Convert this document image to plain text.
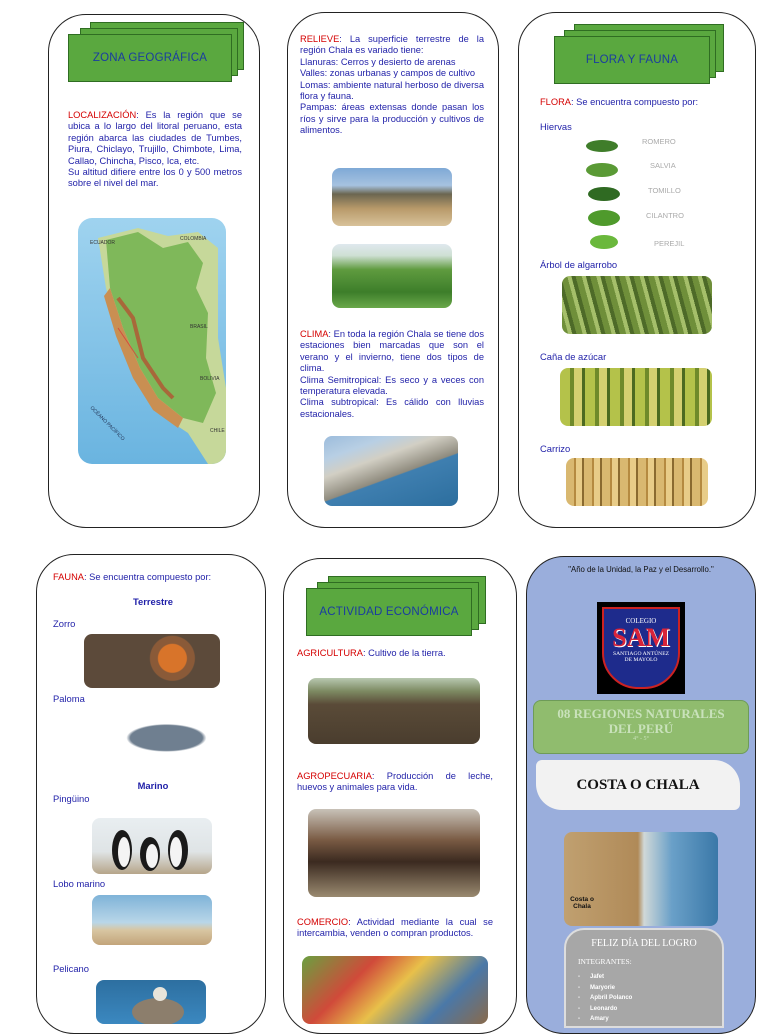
ZONA GEOGRÁFICA
LOCALIZACIÓN: Es la región que se ubica a lo largo del litoral peruano, esta región abarca las ciudades de Tumbes, Piura, Chiclayo, Trujillo, Chimbote, Lima, Callao, Chincha, Pisco, Ica, etc.
Su altitud difiere entre los 0 y 500 metros sobre el nivel del mar.
ECUADOR
COLOMBIA
BRASIL
BOLIVIA
OCÉANO PACÍFICO	CHILE
RELIEVE: La superficie terrestre de la región Chala es variado tiene:
Llanuras: Cerros y desierto de arenas
Valles: zonas urbanas y campos de cultivo
Lomas: ambiente natural herboso de diversa flora y fauna.
Pampas: áreas extensas donde pasan los ríos y sirve para la producción y cultivos de alimentos.
CLIMA: En toda la región Chala se tiene dos estaciones bien marcadas que son el verano y el invierno, tiene dos tipos de clima.
Clima Semitropical: Es seco y a veces con temperatura elevada.
Clima subtropical: Es cálido con lluvias estacionales.
FLORA Y FAUNA
FLORA: Se encuentra compuesto por:
Hiervas
ROMERO
SALVIA
TOMILLO
CILANTRO
PEREJIL
Árbol de algarrobo
Caña de azúcar
Carrizo
FAUNA: Se encuentra compuesto por:
Terrestre
Zorro
Paloma
Marino
Pingüino
Lobo marino
Pelicano
ACTIVIDAD ECONÓMICA
AGRICULTURA: Cultivo de la tierra.
AGROPECUARIA: Producción de leche, huevos y animales para vida.
COMERCIO: Actividad mediante la cual se intercambia, venden o compran productos.
"Año de la Unidad, la Paz y el Desarrollo."
COLEGIO
SAM
SANTIAGO ANTÚNEZ DE MAYOLO
08 REGIONES NATURALES DEL PERÚ
4° - 5°
COSTA O CHALA
Costa o Chala
FELIZ DÍA DEL LOGRO
INTEGRANTES:
-      Jafet
-      Maryorie
-      Apbril Polanco
-      Leonardo
-      Amary
